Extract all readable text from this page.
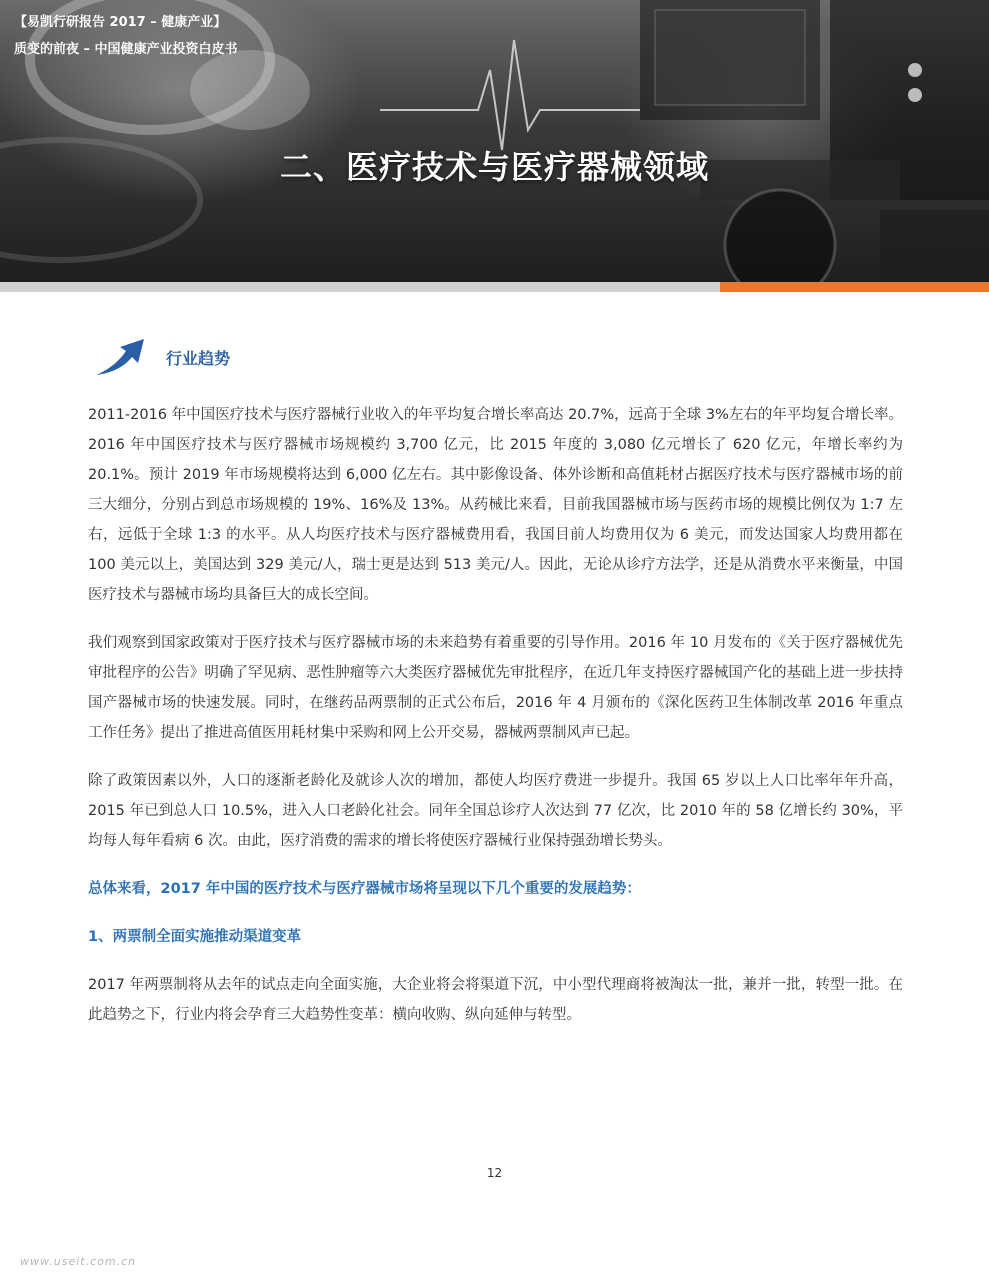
【易凯行研报告 2017 – 健康产业】
质变的前夜 – 中国健康产业投资白皮书
二、医疗技术与医疗器械领域
行业趋势

2011-2016 年中国医疗技术与医疗器械行业收入的年平均复合增长率高达 20.7%，远高于全球 3%左右的年平均复合增长率。2016 年中国医疗技术与医疗器械市场规模约 3,700 亿元，比 2015 年度的 3,080 亿元增长了 620 亿元，年增长率约为 20.1%。预计 2019 年市场规模将达到 6,000 亿左右。其中影像设备、体外诊断和高值耗材占据医疗技术与医疗器械市场的前三大细分，分别占到总市场规模的 19%、16%及 13%。从药械比来看，目前我国器械市场与医药市场的规模比例仅为 1:7 左右，远低于全球 1:3 的水平。从人均医疗技术与医疗器械费用看，我国目前人均费用仅为 6 美元，而发达国家人均费用都在 100 美元以上，美国达到 329 美元/人，瑞士更是达到 513 美元/人。因此，无论从诊疗方法学，还是从消费水平来衡量，中国医疗技术与器械市场均具备巨大的成长空间。

我们观察到国家政策对于医疗技术与医疗器械市场的未来趋势有着重要的引导作用。2016 年 10 月发布的《关于医疗器械优先审批程序的公告》明确了罕见病、恶性肿瘤等六大类医疗器械优先审批程序，在近几年支持医疗器械国产化的基础上进一步扶持国产器械市场的快速发展。同时，在继药品两票制的正式公布后，2016 年 4 月颁布的《深化医药卫生体制改革 2016 年重点工作任务》提出了推进高值医用耗材集中采购和网上公开交易，器械两票制风声已起。

除了政策因素以外，人口的逐渐老龄化及就诊人次的增加，都使人均医疗费进一步提升。我国 65 岁以上人口比率年年升高，2015 年已到总人口 10.5%，进入人口老龄化社会。同年全国总诊疗人次达到 77 亿次，比 2010 年的 58 亿增长约 30%，平均每人每年看病 6 次。由此，医疗消费的需求的增长将使医疗器械行业保持强劲增长势头。

总体来看，2017 年中国的医疗技术与医疗器械市场将呈现以下几个重要的发展趋势：

1、两票制全面实施推动渠道变革

2017 年两票制将从去年的试点走向全面实施，大企业将会将渠道下沉，中小型代理商将被淘汰一批，兼并一批，转型一批。在此趋势之下，行业内将会孕育三大趋势性变革：横向收购、纵向延伸与转型。

12
www.useit.com.cn
